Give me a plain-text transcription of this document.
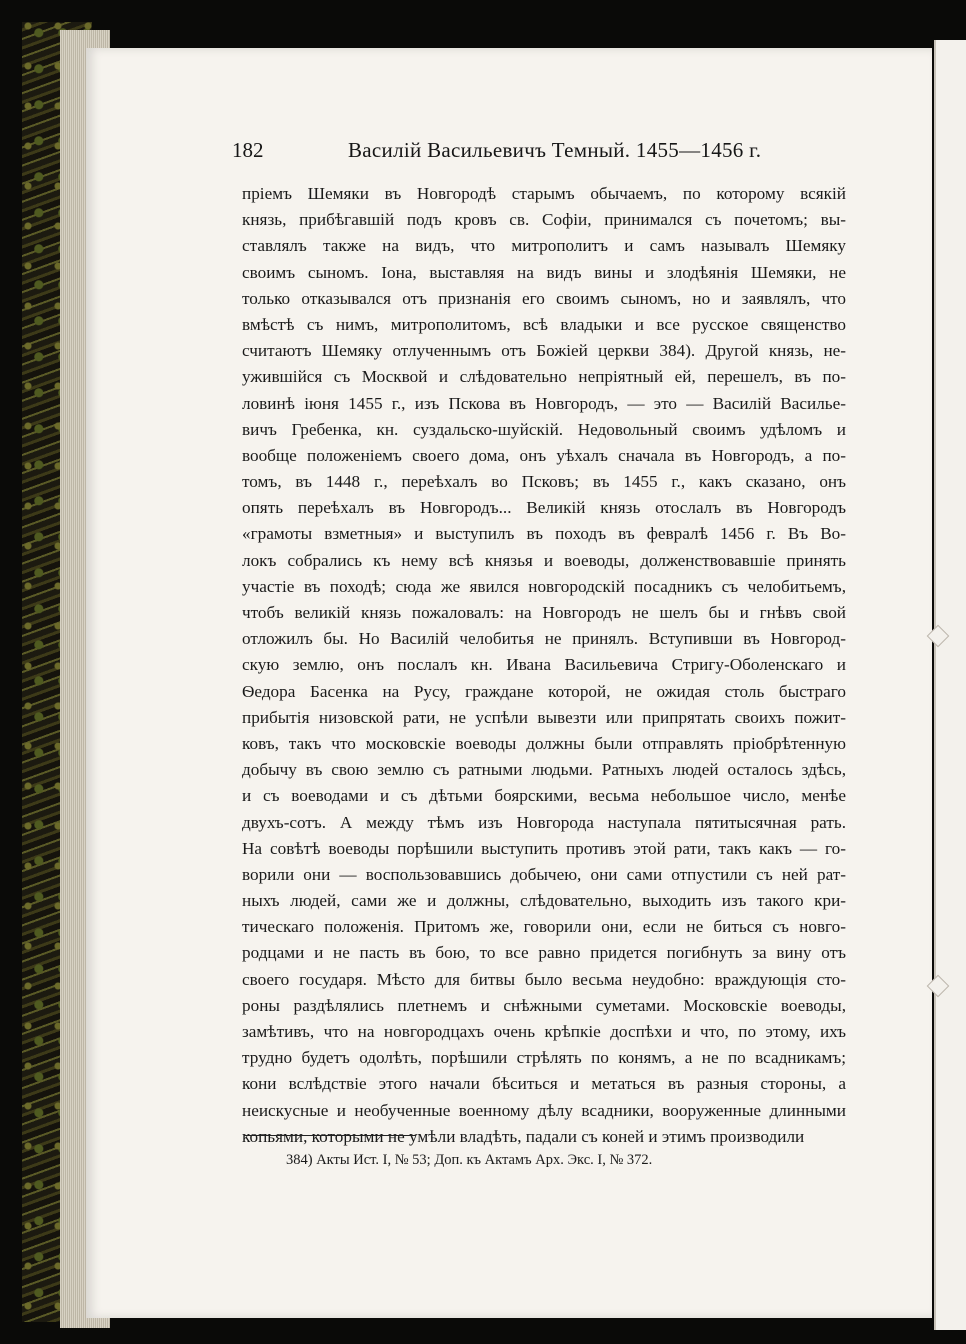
182	Василій Васильевичъ Темный. 1455—1456 г.
пріемъ Шемяки въ Новгородѣ старымъ обычаемъ, по которому всякій
князь, прибѣгавшій подъ кровъ св. Софіи, принимался съ почетомъ; вы-
ставлялъ также на видъ, что митрополитъ и самъ называлъ Шемяку
своимъ сыномъ. Іона, выставляя на видъ вины и злодѣянія Шемяки, не
только отказывался отъ признанія его своимъ сыномъ, но и заявлялъ, что
вмѣстѣ съ нимъ, митрополитомъ, всѣ владыки и все русское священство
считаютъ Шемяку отлученнымъ отъ Божіей церкви 384). Другой князь, не-
ужившійся съ Москвой и слѣдовательно непріятный ей, перешелъ, въ по-
ловинѣ іюня 1455 г., изъ Пскова въ Новгородъ, — это — Василій Василье-
вичъ Гребенка, кн. суздальско-шуйскій. Недовольный своимъ удѣломъ и
вообще положеніемъ своего дома, онъ уѣхалъ сначала въ Новгородъ, а по-
томъ, въ 1448 г., переѣхалъ во Псковъ; въ 1455 г., какъ сказано, онъ
опять переѣхалъ въ Новгородъ... Великій князь отослалъ въ Новгородъ
«грамоты взметныя» и выступилъ въ походъ въ февралѣ 1456 г. Въ Во-
локъ собрались къ нему всѣ князья и воеводы, долженствовавшіе принять
участіе въ походѣ; сюда же явился новгородскій посадникъ съ челобитьемъ,
чтобъ великій князь пожаловалъ: на Новгородъ не шелъ бы и гнѣвъ свой
отложилъ бы. Но Василій челобитья не принялъ. Вступивши въ Новгород-
скую землю, онъ послалъ кн. Ивана Васильевича Стригу-Оболенскаго и
Ѳедора Басенка на Русу, граждане которой, не ожидая столь быстраго
прибытія низовской рати, не успѣли вывезти или припрятать своихъ пожит-
ковъ, такъ что московскіе воеводы должны были отправлять пріобрѣтенную
добычу въ свою землю съ ратными людьми. Ратныхъ людей осталось здѣсь,
и съ воеводами и съ дѣтьми боярскими, весьма небольшое число, менѣе
двухъ-сотъ. А между тѣмъ изъ Новгорода наступала пятитысячная рать.
На совѣтѣ воеводы порѣшили выступить противъ этой рати, такъ какъ — го-
ворили они — воспользовавшись добычею, они сами отпустили съ ней рат-
ныхъ людей, сами же и должны, слѣдовательно, выходить изъ такого кри-
тическаго положенія. Притомъ же, говорили они, если не биться съ новго-
родцами и не пасть въ бою, то все равно придется погибнуть за вину отъ
своего государя. Мѣсто для битвы было весьма неудобно: враждующія сто-
роны раздѣлялись плетнемъ и снѣжными суметами. Московскіе воеводы,
замѣтивъ, что на новгородцахъ очень крѣпкіе доспѣхи и что, по этому, ихъ
трудно будетъ одолѣть, порѣшили стрѣлять по конямъ, а не по всадникамъ;
кони вслѣдствіе этого начали бѣситься и метаться въ разныя стороны, а
неискусные и необученные военному дѣлу всадники, вооруженные длинными
копьями, которыми не умѣли владѣть, падали съ коней и этимъ производили
384) Акты Ист. I, № 53; Доп. къ Актамъ Арх. Экс. I, № 372.
